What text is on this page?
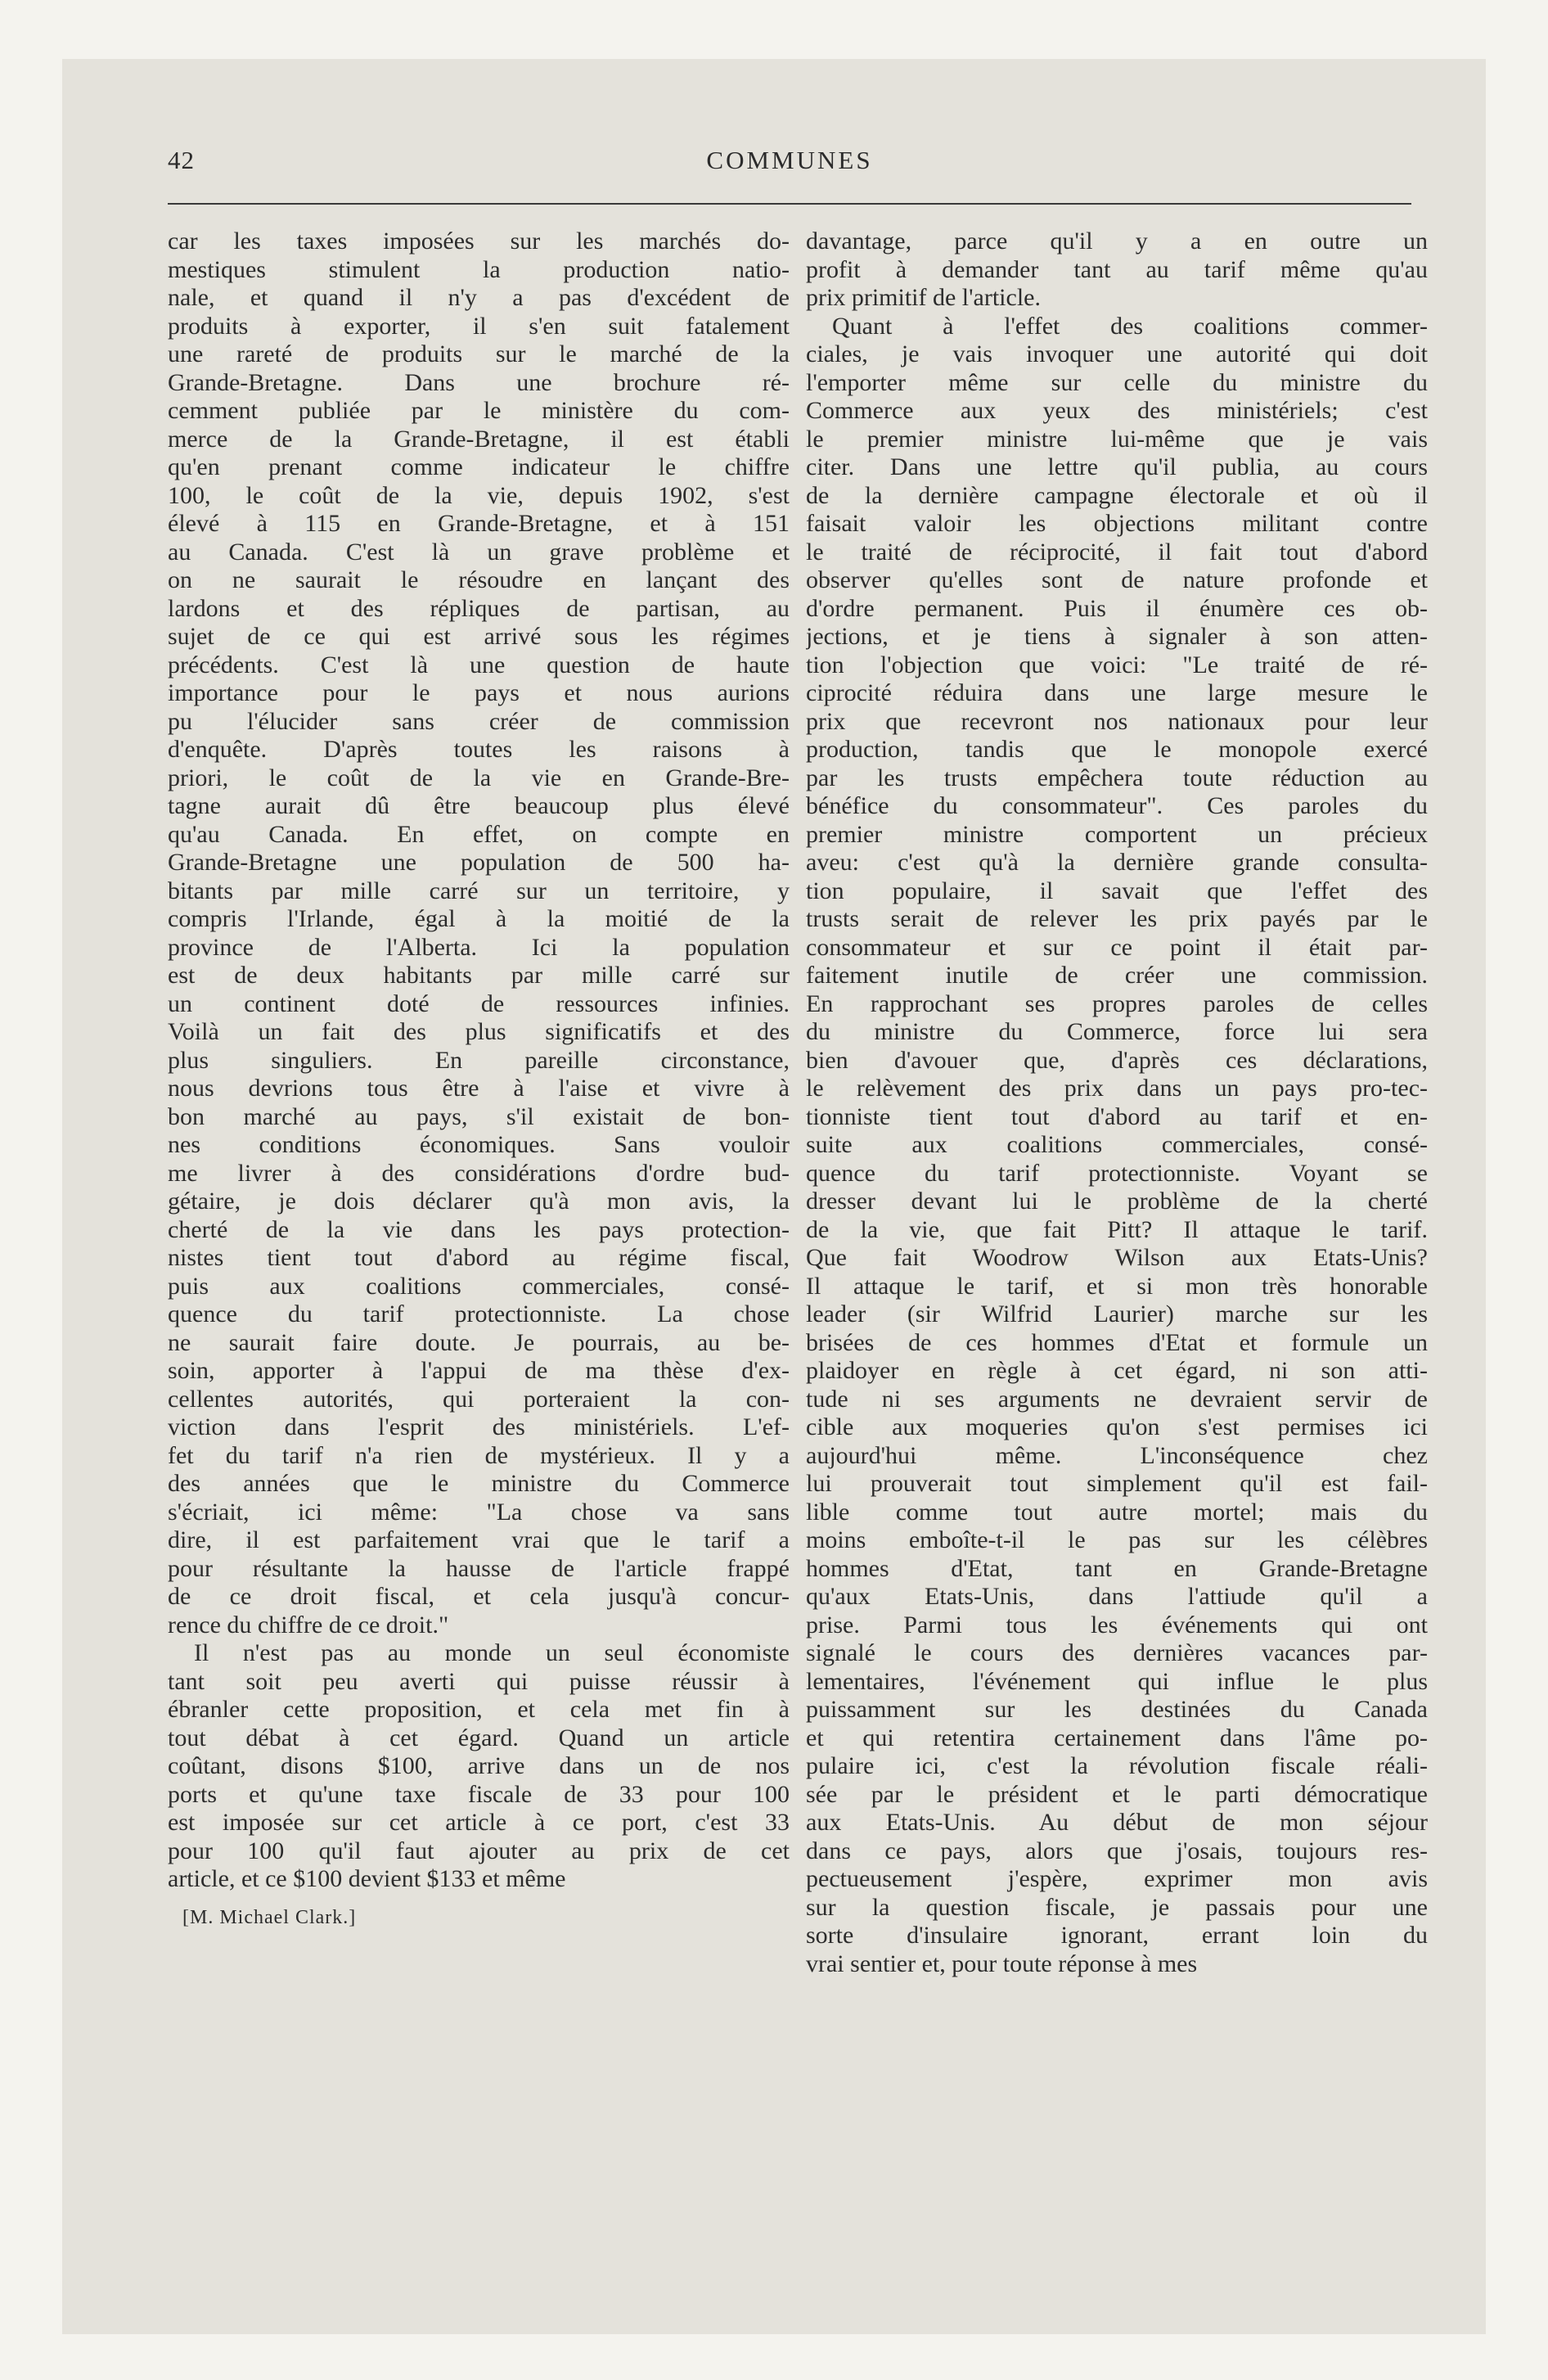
42	COMMUNES
car les taxes imposées sur les marchés do-
mestiques stimulent la production natio-
nale, et quand il n'y a pas d'excédent de
produits à exporter, il s'en suit fatalement
une rareté de produits sur le marché de la
Grande-Bretagne. Dans une brochure ré-
cemment publiée par le ministère du com-
merce de la Grande-Bretagne, il est établi
qu'en prenant comme indicateur le chiffre
100, le coût de la vie, depuis 1902, s'est
élevé à 115 en Grande-Bretagne, et à 151
au Canada. C'est là un grave problème et
on ne saurait le résoudre en lançant des
lardons et des répliques de partisan, au
sujet de ce qui est arrivé sous les régimes
précédents. C'est là une question de haute
importance pour le pays et nous aurions
pu l'élucider sans créer de commission
d'enquête. D'après toutes les raisons à
priori, le coût de la vie en Grande-Bre-
tagne aurait dû être beaucoup plus élevé
qu'au Canada. En effet, on compte en
Grande-Bretagne une population de 500 ha-
bitants par mille carré sur un territoire, y
compris l'Irlande, égal à la moitié de la
province de l'Alberta. Ici la population
est de deux habitants par mille carré sur
un continent doté de ressources infinies.
Voilà un fait des plus significatifs et des
plus singuliers. En pareille circonstance,
nous devrions tous être à l'aise et vivre à
bon marché au pays, s'il existait de bon-
nes conditions économiques. Sans vouloir
me livrer à des considérations d'ordre bud-
gétaire, je dois déclarer qu'à mon avis, la
cherté de la vie dans les pays protection-
nistes tient tout d'abord au régime fiscal,
puis aux coalitions commerciales, consé-
quence du tarif protectionniste. La chose
ne saurait faire doute. Je pourrais, au be-
soin, apporter à l'appui de ma thèse d'ex-
cellentes autorités, qui porteraient la con-
viction dans l'esprit des ministériels. L'ef-
fet du tarif n'a rien de mystérieux. Il y a
des années que le ministre du Commerce
s'écriait, ici même: "La chose va sans
dire, il est parfaitement vrai que le tarif a
pour résultante la hausse de l'article frappé
de ce droit fiscal, et cela jusqu'à concur-
rence du chiffre de ce droit."
Il n'est pas au monde un seul économiste
tant soit peu averti qui puisse réussir à
ébranler cette proposition, et cela met fin à
tout débat à cet égard. Quand un article
coûtant, disons $100, arrive dans un de nos
ports et qu'une taxe fiscale de 33 pour 100
est imposée sur cet article à ce port, c'est 33
pour 100 qu'il faut ajouter au prix de cet
article, et ce $100 devient $133 et même
[M. Michael Clark.]
davantage, parce qu'il y a en outre un
profit à demander tant au tarif même qu'au
prix primitif de l'article.
Quant à l'effet des coalitions commer-
ciales, je vais invoquer une autorité qui doit
l'emporter même sur celle du ministre du
Commerce aux yeux des ministériels; c'est
le premier ministre lui-même que je vais
citer. Dans une lettre qu'il publia, au cours
de la dernière campagne électorale et où il
faisait valoir les objections militant contre
le traité de réciprocité, il fait tout d'abord
observer qu'elles sont de nature profonde et
d'ordre permanent. Puis il énumère ces ob-
jections, et je tiens à signaler à son atten-
tion l'objection que voici: "Le traité de ré-
ciprocité réduira dans une large mesure le
prix que recevront nos nationaux pour leur
production, tandis que le monopole exercé
par les trusts empêchera toute réduction au
bénéfice du consommateur". Ces paroles du
premier ministre comportent un précieux
aveu: c'est qu'à la dernière grande consulta-
tion populaire, il savait que l'effet des
trusts serait de relever les prix payés par le
consommateur et sur ce point il était par-
faitement inutile de créer une commission.
En rapprochant ses propres paroles de celles
du ministre du Commerce, force lui sera
bien d'avouer que, d'après ces déclarations,
le relèvement des prix dans un pays pro-tec-
tionniste tient tout d'abord au tarif et en-
suite aux coalitions commerciales, consé-
quence du tarif protectionniste. Voyant se
dresser devant lui le problème de la cherté
de la vie, que fait Pitt? Il attaque le tarif.
Que fait Woodrow Wilson aux Etats-Unis?
Il attaque le tarif, et si mon très honorable
leader (sir Wilfrid Laurier) marche sur les
brisées de ces hommes d'Etat et formule un
plaidoyer en règle à cet égard, ni son atti-
tude ni ses arguments ne devraient servir de
cible aux moqueries qu'on s'est permises ici
aujourd'hui même. L'inconséquence chez
lui prouverait tout simplement qu'il est fail-
lible comme tout autre mortel; mais du
moins emboîte-t-il le pas sur les célèbres
hommes d'Etat, tant en Grande-Bretagne
qu'aux Etats-Unis, dans l'attiude qu'il a
prise. Parmi tous les événements qui ont
signalé le cours des dernières vacances par-
lementaires, l'événement qui influe le plus
puissamment sur les destinées du Canada
et qui retentira certainement dans l'âme po-
pulaire ici, c'est la révolution fiscale réali-
sée par le président et le parti démocratique
aux Etats-Unis. Au début de mon séjour
dans ce pays, alors que j'osais, toujours res-
pectueusement j'espère, exprimer mon avis
sur la question fiscale, je passais pour une
sorte d'insulaire ignorant, errant loin du
vrai sentier et, pour toute réponse à mes
